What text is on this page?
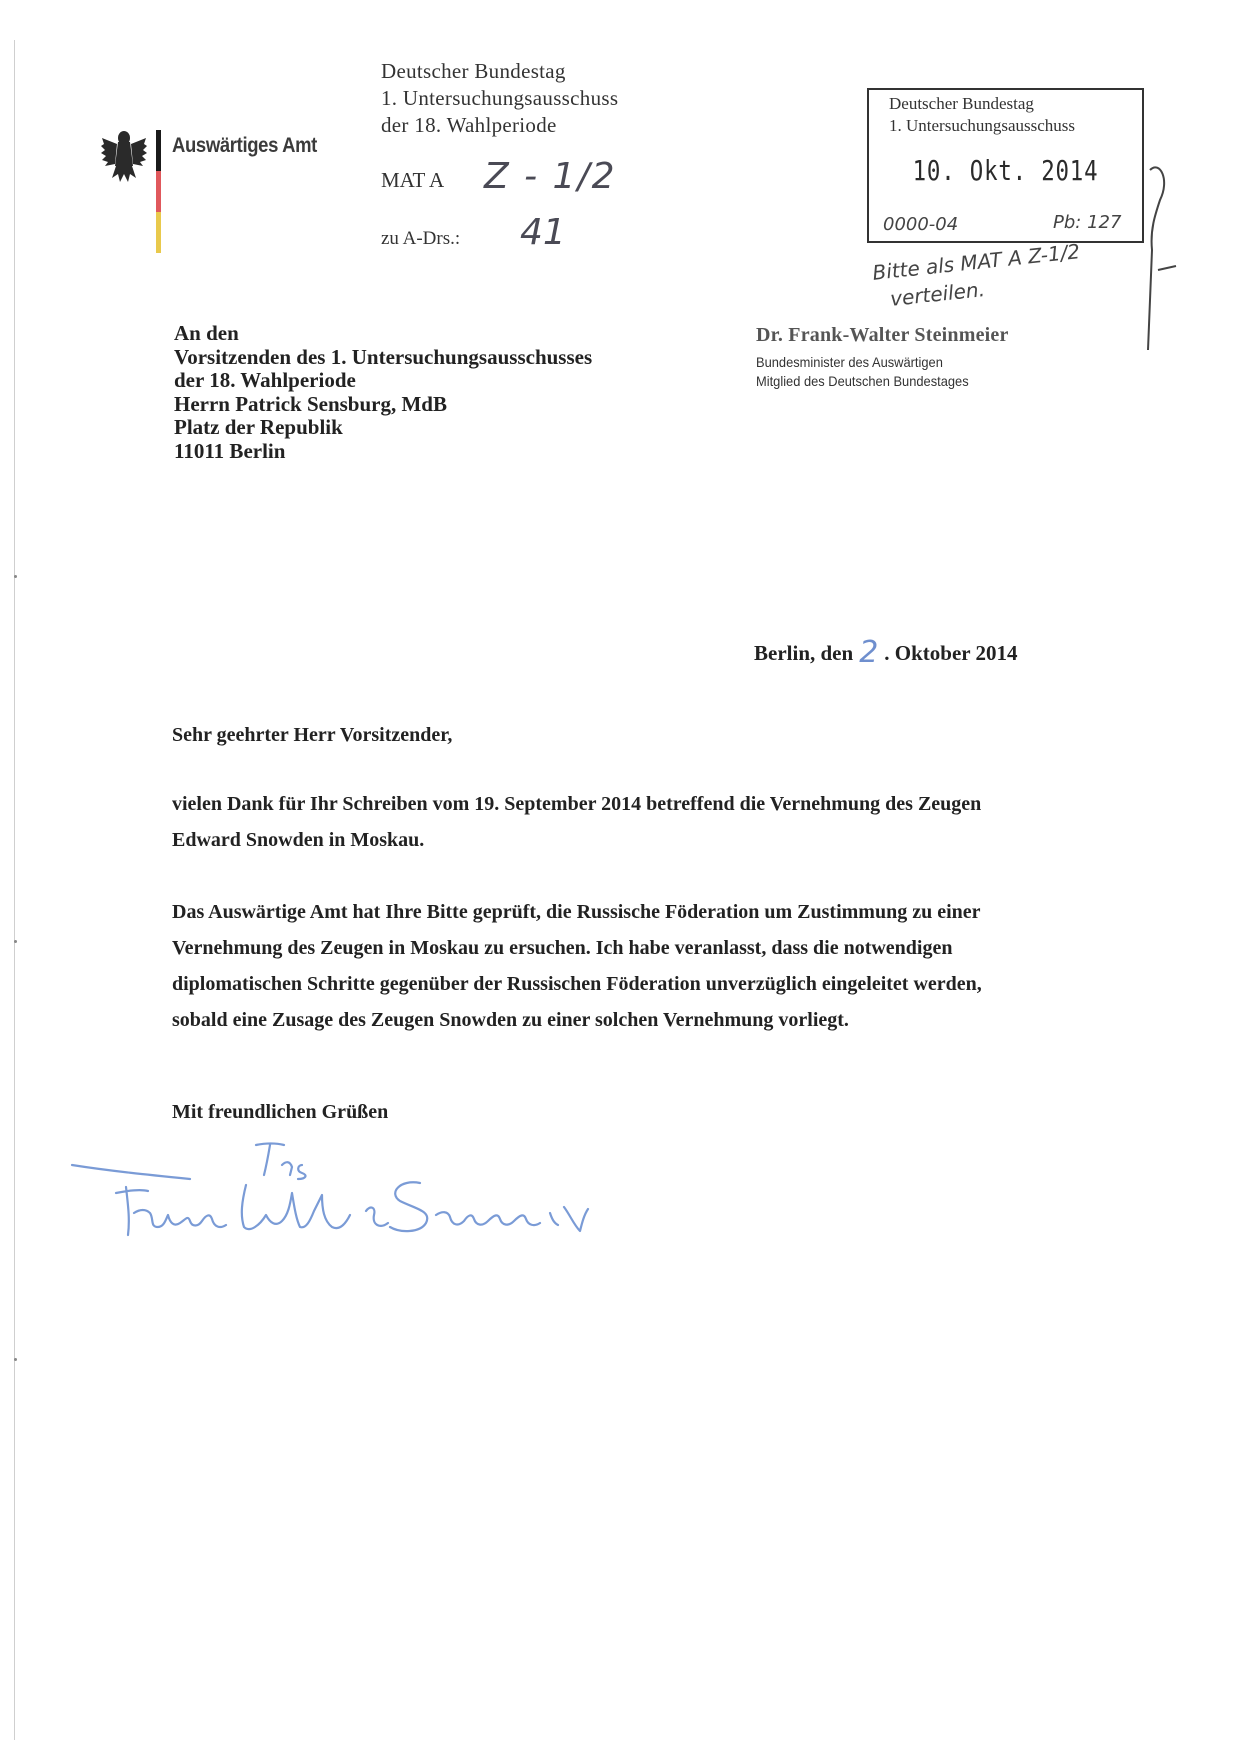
Auswärtiges Amt
Deutscher Bundestag
1. Untersuchungsausschuss
der 18. Wahlperiode
MAT A Z - 1/2
zu A-Drs.: 41
Deutscher Bundestag
1. Untersuchungsausschuss
10. Okt. 2014
0000-04	Pb: 127
Bitte als MAT A Z-1/2
verteilen.
Dr. Frank-Walter Steinmeier
Bundesminister des Auswärtigen
Mitglied des Deutschen Bundestages
An den
Vorsitzenden des 1. Untersuchungsausschusses
der 18. Wahlperiode
Herrn Patrick Sensburg, MdB
Platz der Republik
11011 Berlin
Berlin, den 2 . Oktober 2014
Sehr geehrter Herr Vorsitzender,
vielen Dank für Ihr Schreiben vom 19. September 2014 betreffend die Vernehmung des Zeugen Edward Snowden in Moskau.
Das Auswärtige Amt hat Ihre Bitte geprüft, die Russische Föderation um Zustimmung zu einer Vernehmung des Zeugen in Moskau zu ersuchen. Ich habe veranlasst, dass die notwendigen diplomatischen Schritte gegenüber der Russischen Föderation unverzüglich eingeleitet werden, sobald eine Zusage des Zeugen Snowden zu einer solchen Vernehmung vorliegt.
Mit freundlichen Grüßen
